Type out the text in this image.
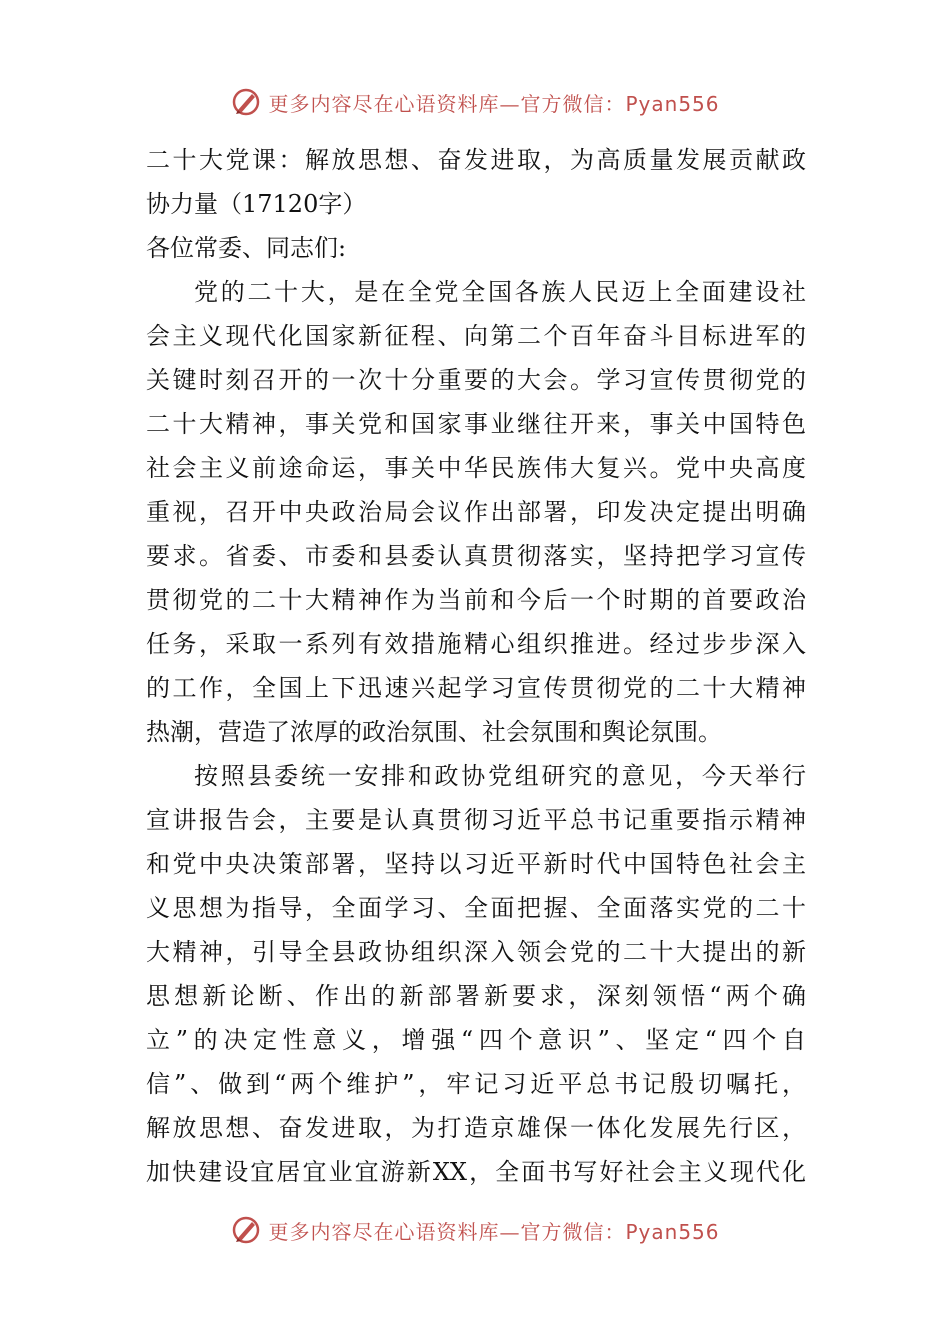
更多内容尽在心语资料库—官方微信：Pyan556
二十大党课：解放思想、奋发进取，为高质量发展贡献政
协力量（17120字）
各位常委、同志们:
党的二十大，是在全党全国各族人民迈上全面建设社
会主义现代化国家新征程、向第二个百年奋斗目标进军的
关键时刻召开的一次十分重要的大会。学习宣传贯彻党的
二十大精神，事关党和国家事业继往开来，事关中国特色
社会主义前途命运，事关中华民族伟大复兴。党中央高度
重视，召开中央政治局会议作出部署，印发决定提出明确
要求。省委、市委和县委认真贯彻落实，坚持把学习宣传
贯彻党的二十大精神作为当前和今后一个时期的首要政治
任务，采取一系列有效措施精心组织推进。经过步步深入
的工作，全国上下迅速兴起学习宣传贯彻党的二十大精神
热潮，营造了浓厚的政治氛围、社会氛围和舆论氛围。
按照县委统一安排和政协党组研究的意见，今天举行
宣讲报告会，主要是认真贯彻习近平总书记重要指示精神
和党中央决策部署，坚持以习近平新时代中国特色社会主
义思想为指导，全面学习、全面把握、全面落实党的二十
大精神，引导全县政协组织深入领会党的二十大提出的新
思想新论断、作出的新部署新要求，深刻领悟“两个确
立”的决定性意义，增强“四个意识”、坚定“四个自
信”、做到“两个维护”，牢记习近平总书记殷切嘱托，
解放思想、奋发进取，为打造京雄保一体化发展先行区，
加快建设宜居宜业宜游新XX，全面书写好社会主义现代化
更多内容尽在心语资料库—官方微信：Pyan556
